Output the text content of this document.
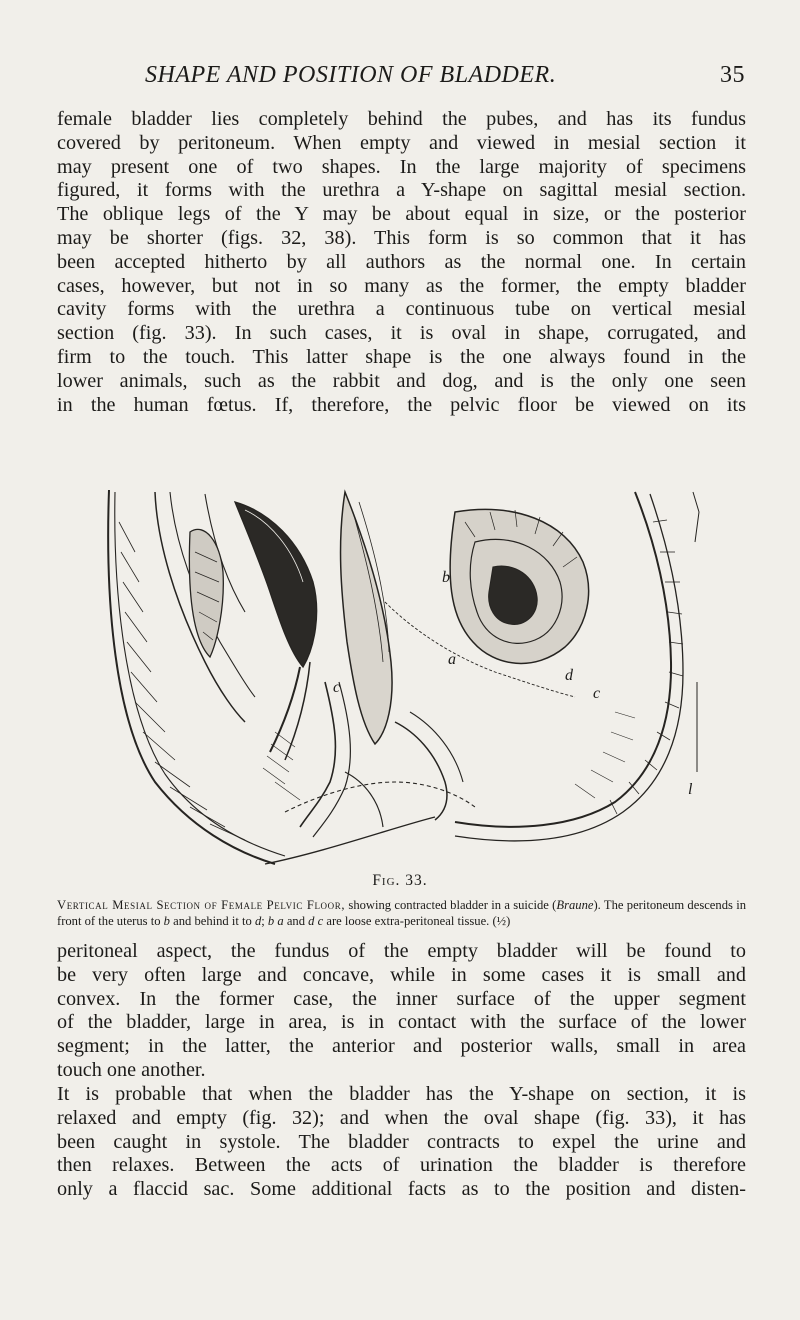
SHAPE AND POSITION OF BLADDER.	35
female bladder lies completely behind the pubes, and has its fundus
covered by peritoneum. When empty and viewed in mesial section it
may present one of two shapes. In the large majority of specimens
figured, it forms with the urethra a Y-shape on sagittal mesial section.
The oblique legs of the Y may be about equal in size, or the posterior
may be shorter (figs. 32, 38). This form is so common that it has
been accepted hitherto by all authors as the normal one. In certain
cases, however, but not in so many as the former, the empty bladder
cavity forms with the urethra a continuous tube on vertical mesial
section (fig. 33). In such cases, it is oval in shape, corrugated, and
firm to the touch. This latter shape is the one always found in the
lower animals, such as the rabbit and dog, and is the only one seen
in the human fœtus. If, therefore, the pelvic floor be viewed on its
b
a
c
d
c
l
Fig. 33.
Vertical Mesial Section of Female Pelvic Floor, showing contracted bladder in a suicide (Braune). The peritoneum descends in front of the uterus to b and behind it to d; b a and d c are loose extra-peritoneal tissue. (½)
peritoneal aspect, the fundus of the empty bladder will be found to
be very often large and concave, while in some cases it is small and
convex. In the former case, the inner surface of the upper segment
of the bladder, large in area, is in contact with the surface of the lower
segment; in the latter, the anterior and posterior walls, small in area
touch one another.
It is probable that when the bladder has the Y-shape on section, it is
relaxed and empty (fig. 32); and when the oval shape (fig. 33), it has
been caught in systole. The bladder contracts to expel the urine and
then relaxes. Between the acts of urination the bladder is therefore
only a flaccid sac. Some additional facts as to the position and disten-
